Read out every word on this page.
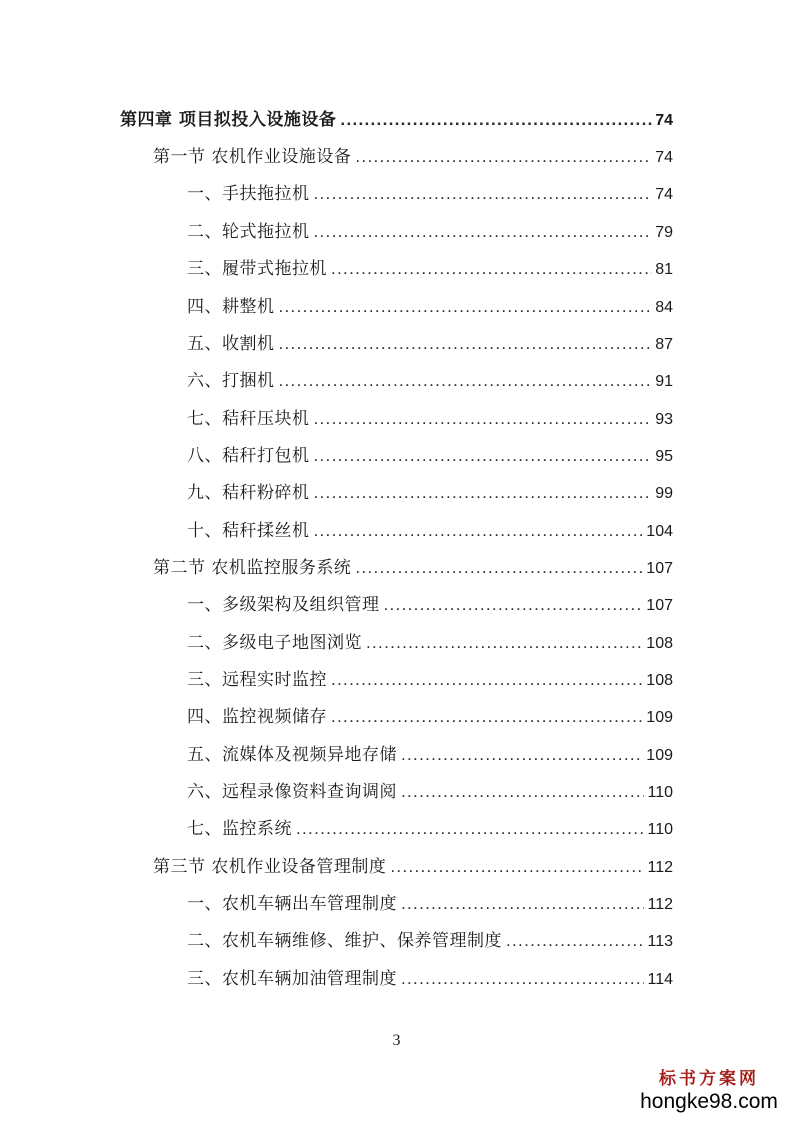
第四章 项目拟投入设施设备 .....	74
第一节 农机作业设施设备 .....	74
一、手扶拖拉机 .....	74
二、轮式拖拉机 .....	79
三、履带式拖拉机 .....	81
四、耕整机 .....	84
五、收割机 .....	87
六、打捆机 .....	91
七、秸秆压块机 .....	93
八、秸秆打包机 .....	95
九、秸秆粉碎机 .....	99
十、秸秆揉丝机 .....	104
第二节 农机监控服务系统 .....	107
一、多级架构及组织管理 .....	107
二、多级电子地图浏览 .....	108
三、远程实时监控 .....	108
四、监控视频储存 .....	109
五、流媒体及视频异地存储 .....	109
六、远程录像资料查询调阅 .....	110
七、监控系统 .....	110
第三节 农机作业设备管理制度 .....	112
一、农机车辆出车管理制度 .....	112
二、农机车辆维修、维护、保养管理制度 .....	113
三、农机车辆加油管理制度 .....	114
3
标书方案网
hongke98.com
